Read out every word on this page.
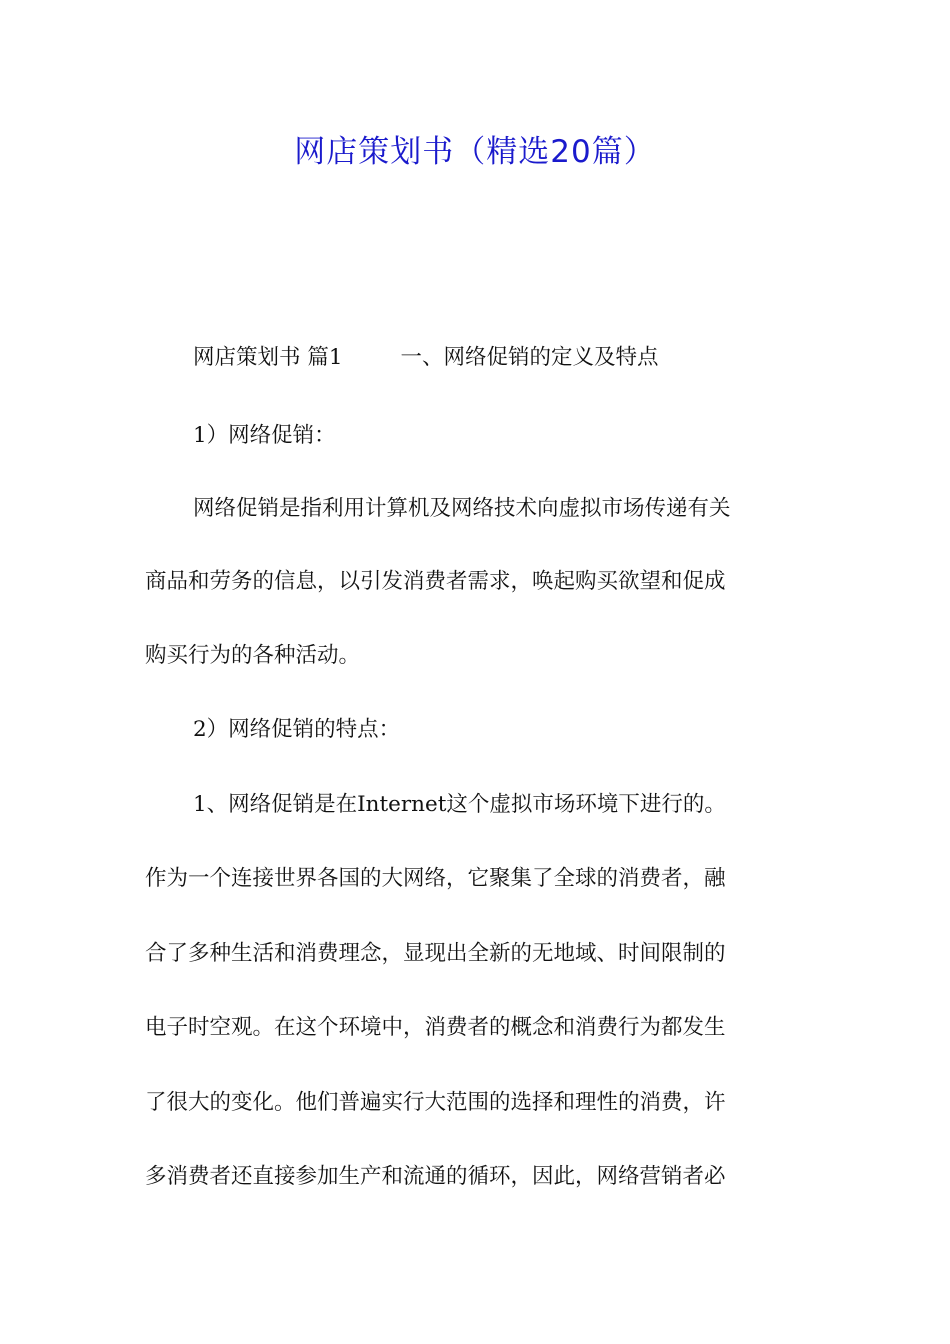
网店策划书（精选20篇）
网店策划书 篇1	一、网络促销的定义及特点
1）网络促销：
网络促销是指利用计算机及网络技术向虚拟市场传递有关
商品和劳务的信息，以引发消费者需求，唤起购买欲望和促成
购买行为的各种活动。
2）网络促销的特点：
1、网络促销是在Internet这个虚拟市场环境下进行的。
作为一个连接世界各国的大网络，它聚集了全球的消费者，融
合了多种生活和消费理念，显现出全新的无地域、时间限制的
电子时空观。在这个环境中，消费者的概念和消费行为都发生
了很大的变化。他们普遍实行大范围的选择和理性的消费，许
多消费者还直接参加生产和流通的循环，因此，网络营销者必
